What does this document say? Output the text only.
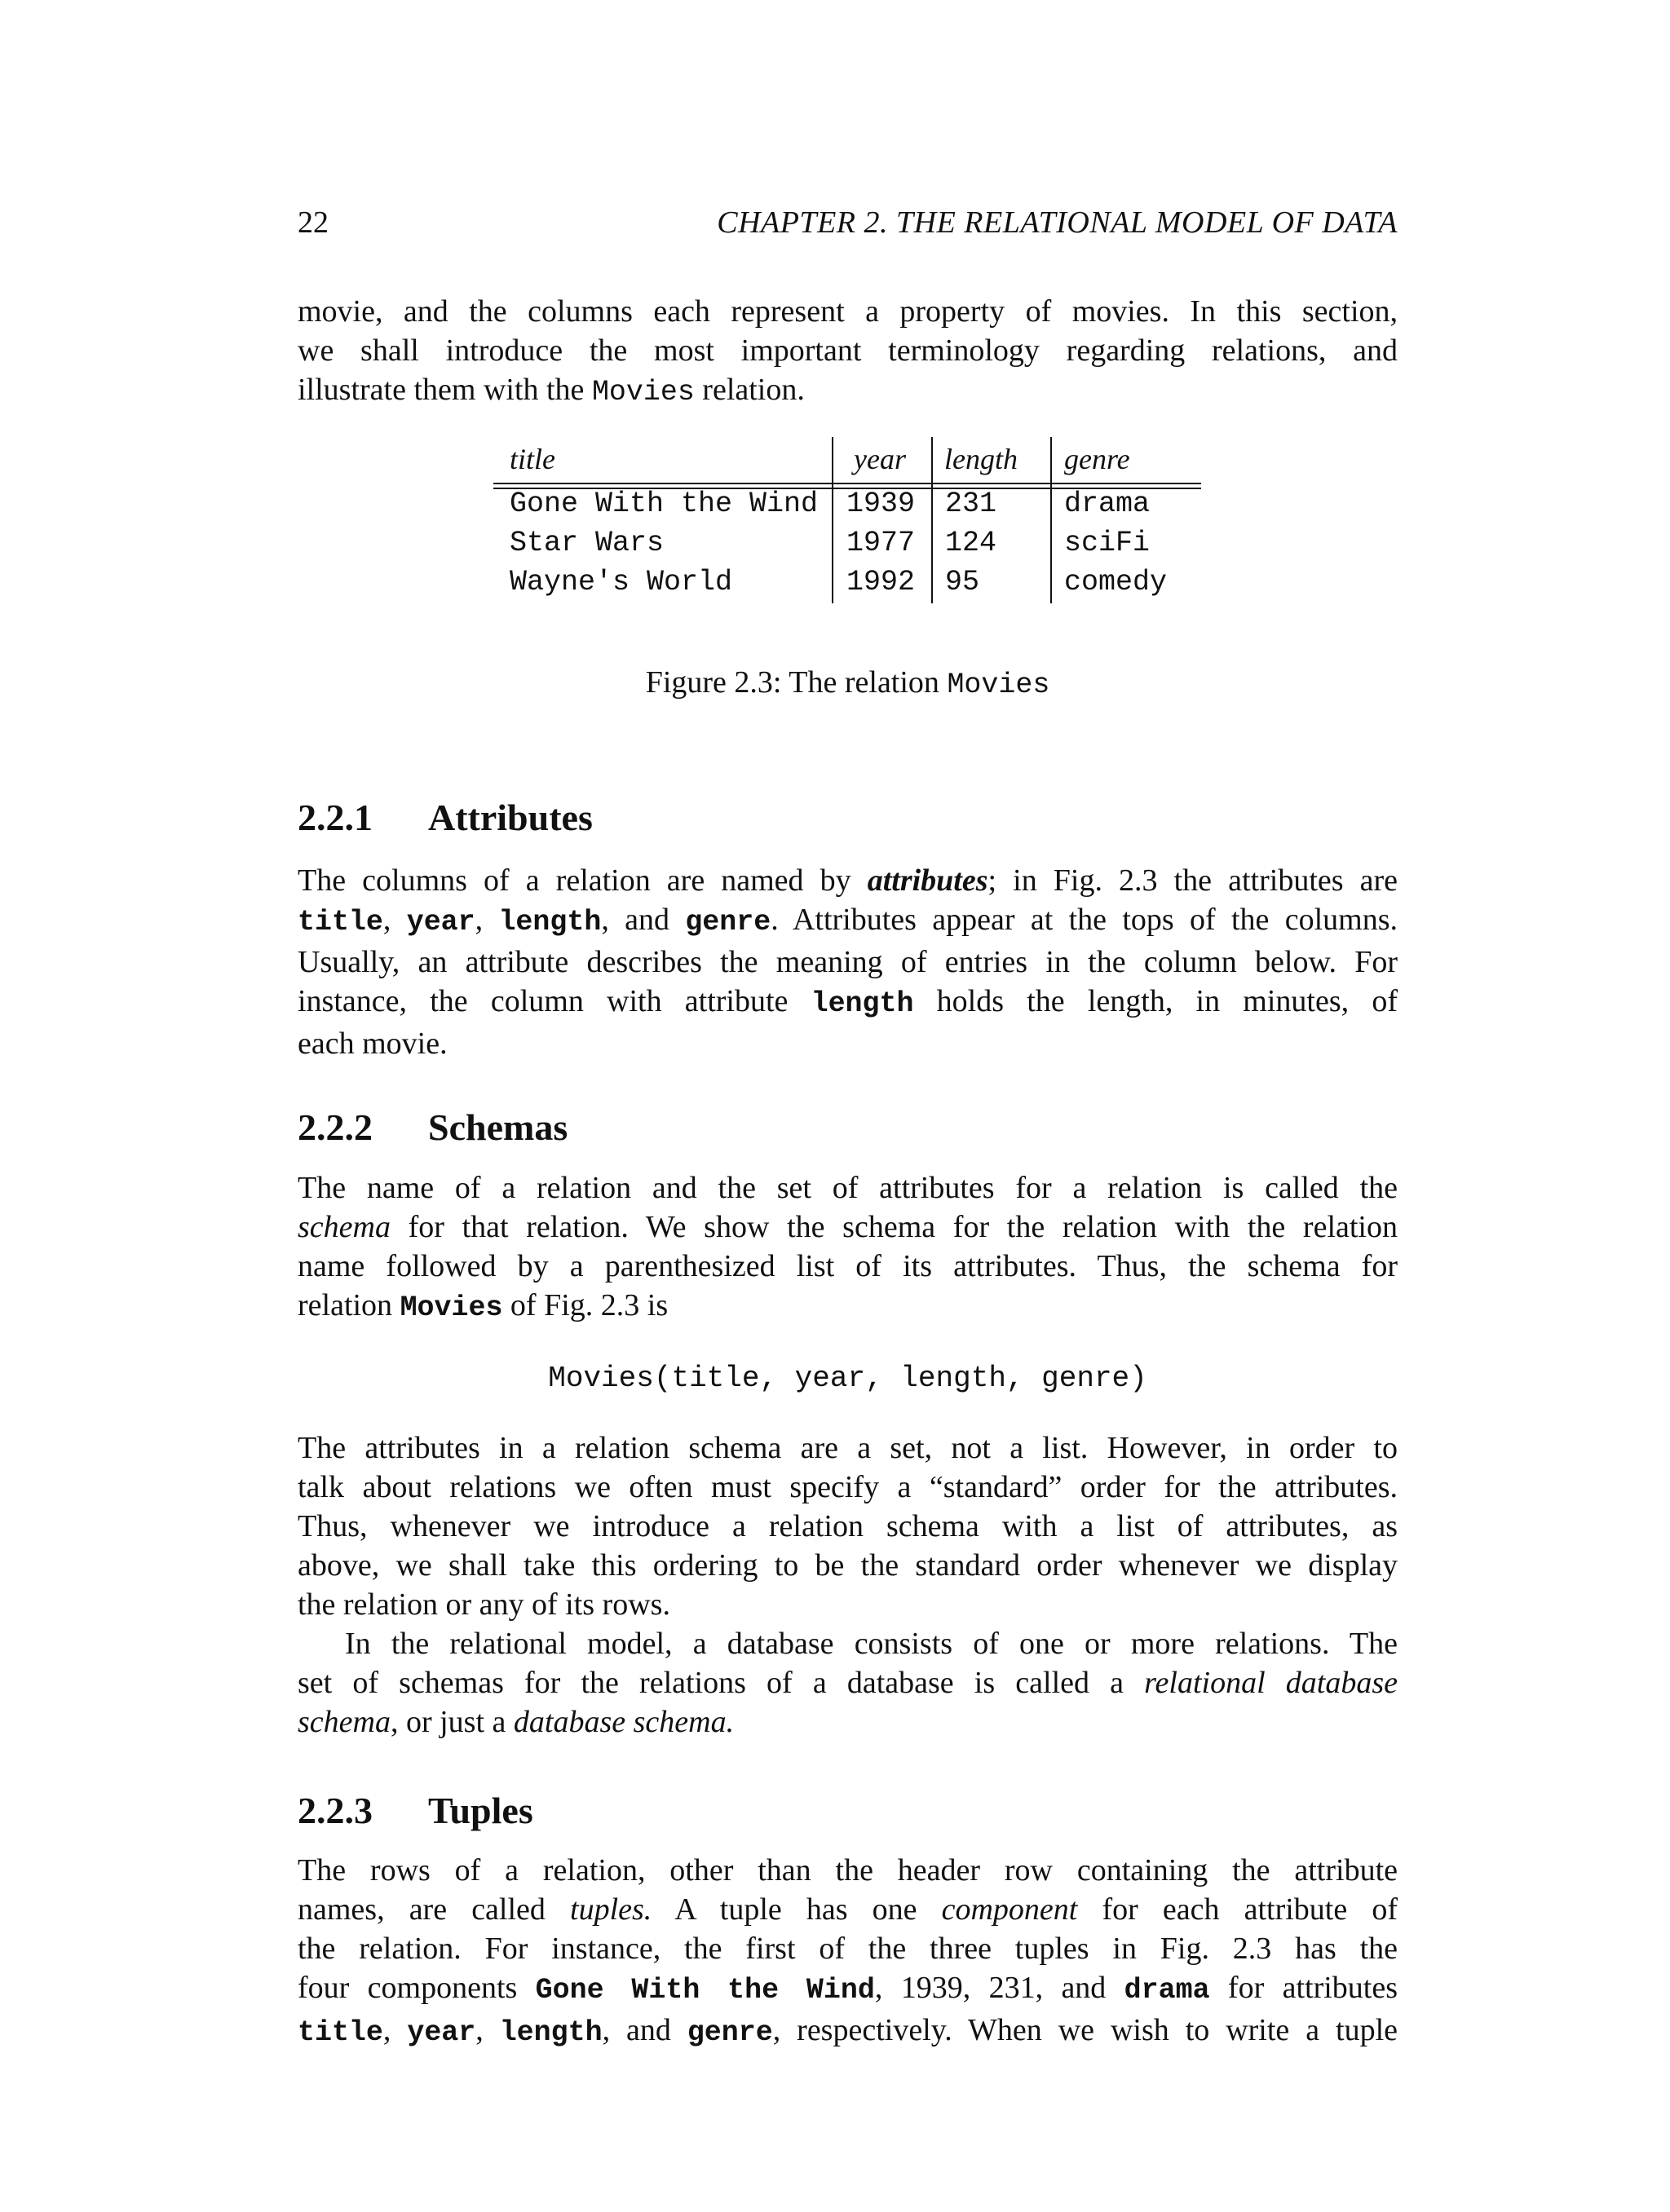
22	CHAPTER 2. THE RELATIONAL MODEL OF DATA
movie, and the columns each represent a property of movies. In this section,
we shall introduce the most important terminology regarding relations, and
illustrate them with the Movies relation.
title	year length genre
Gone With the Wind 1939 231 drama
Star Wars	1977 124 sciFi
Wayne's World	1992 95	comedy
Figure 2.3: The relation Movies
2.2.1 Attributes
The columns of a relation are named by attributes; in Fig. 2.3 the attributes are
title, year, length, and genre. Attributes appear at the tops of the columns.
Usually, an attribute describes the meaning of entries in the column below. For
instance, the column with attribute length holds the length, in minutes, of
each movie.
2.2.2 Schemas
The name of a relation and the set of attributes for a relation is called the
schema for that relation. We show the schema for the relation with the relation
name followed by a parenthesized list of its attributes. Thus, the schema for
relation Movies of Fig. 2.3 is
Movies(title, year, length, genre)
The attributes in a relation schema are a set, not a list. However, in order to
talk about relations we often must specify a “standard” order for the attributes.
Thus, whenever we introduce a relation schema with a list of attributes, as
above, we shall take this ordering to be the standard order whenever we display
the relation or any of its rows.
In the relational model, a database consists of one or more relations. The
set of schemas for the relations of a database is called a relational database
schema, or just a database schema.
2.2.3 Tuples
The rows of a relation, other than the header row containing the attribute
names, are called tuples. A tuple has one component for each attribute of
the relation. For instance, the first of the three tuples in Fig. 2.3 has the
four components Gone With the Wind, 1939, 231, and drama for attributes
title, year, length, and genre, respectively. When we wish to write a tuple
